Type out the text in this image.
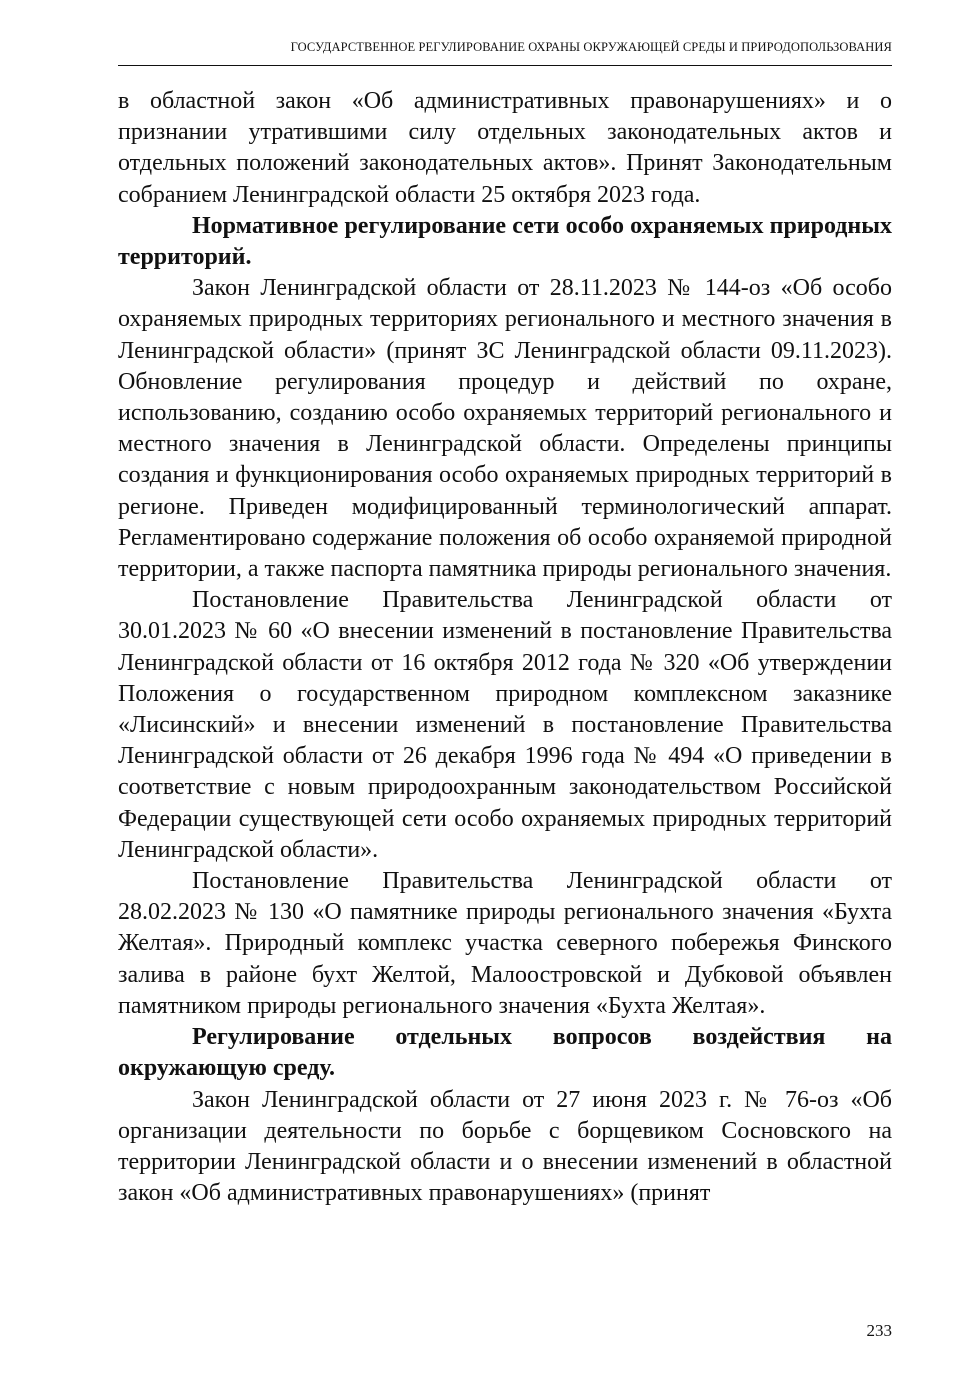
ГОСУДАРСТВЕННОЕ РЕГУЛИРОВАНИЕ ОХРАНЫ ОКРУЖАЮЩЕЙ СРЕДЫ И ПРИРОДОПОЛЬЗОВАНИЯ

в областной закон «Об административных правонарушениях» и о признании утратившими силу отдельных законодательных актов и отдельных положений законодательных актов». Принят Законодательным собранием Ленинградской области 25 октября 2023 года.

Нормативное регулирование сети особо охраняемых природных территорий.

Закон Ленинградской области от 28.11.2023 № 144-оз «Об особо охраняемых природных территориях регионального и местного значения в Ленинградской области» (принят ЗС Ленинградской области 09.11.2023). Обновление регулирования процедур и действий по охране, использованию, созданию особо охраняемых территорий регионального и местного значения в Ленинградской области. Определены принципы создания и функционирования особо охраняемых природных территорий в регионе. Приведен модифицированный терминологический аппарат. Регламентировано содержание положения об особо охраняемой природной территории, а также паспорта памятника природы регионального значения.

Постановление Правительства Ленинградской области от 30.01.2023 № 60 «О внесении изменений в постановление Правительства Ленинградской области от 16 октября 2012 года № 320 «Об утверждении Положения о государственном природном комплексном заказнике «Лисинский» и внесении изменений в постановление Правительства Ленинградской области от 26 декабря 1996 года № 494 «О приведении в соответствие с новым природоохранным законодательством Российской Федерации существующей сети особо охраняемых природных территорий Ленинградской области».

Постановление Правительства Ленинградской области от 28.02.2023 № 130 «О памятнике природы регионального значения «Бухта Желтая». Природный комплекс участка северного побережья Финского залива в районе бухт Желтой, Малоостровской и Дубковой объявлен памятником природы регионального значения «Бухта Желтая».

Регулирование отдельных вопросов воздействия на окружающую среду.

Закон Ленинградской области от 27 июня 2023 г. № 76-оз «Об организации деятельности по борьбе с борщевиком Сосновского на территории Ленинградской области и о внесении изменений в областной закон «Об административных правонарушениях» (принят

233
